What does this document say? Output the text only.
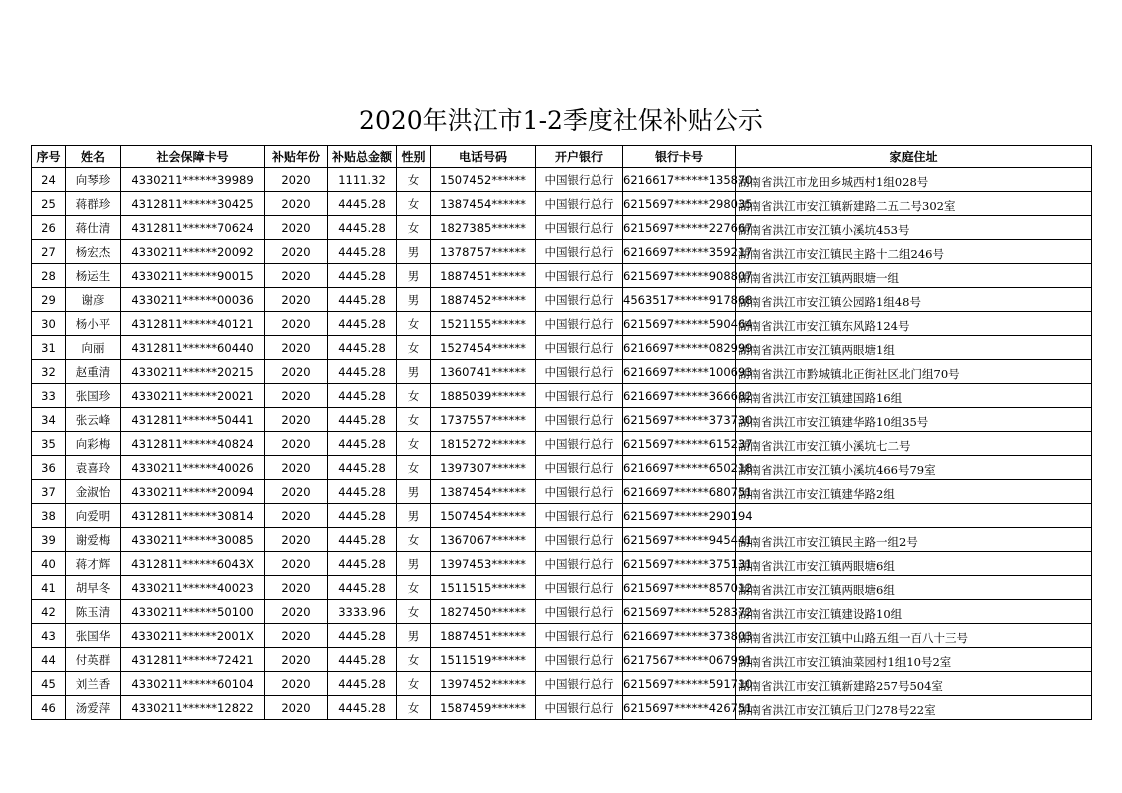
2020年洪江市1-2季度社保补贴公示
序号	姓名	社会保障卡号	补贴年份	补贴总金额	性别	电话号码	开户银行	银行卡号	家庭住址
24	向琴珍	4330211******39989	2020	1111.32	女	1507452******	中国银行总行	6216617******135870	湖南省洪江市龙田乡城西村1组028号
25	蒋群珍	4312811******30425	2020	4445.28	女	1387454******	中国银行总行	6215697******298035	湖南省洪江市安江镇新建路二五二号302室
26	蒋仕清	4312811******70624	2020	4445.28	女	1827385******	中国银行总行	6215697******227667	湖南省洪江市安江镇小溪坑453号
27	杨宏杰	4330211******20092	2020	4445.28	男	1378757******	中国银行总行	6216697******359217	湖南省洪江市安江镇民主路十二组246号
28	杨运生	4330211******90015	2020	4445.28	男	1887451******	中国银行总行	6215697******908807	湖南省洪江市安江镇两眼塘一组
29	谢彦	4330211******00036	2020	4445.28	男	1887452******	中国银行总行	4563517******917868	湖南省洪江市安江镇公园路1组48号
30	杨小平	4312811******40121	2020	4445.28	女	1521155******	中国银行总行	6215697******590464	湖南省洪江市安江镇东风路124号
31	向丽	4312811******60440	2020	4445.28	女	1527454******	中国银行总行	6216697******082999	湖南省洪江市安江镇两眼塘1组
32	赵重清	4330211******20215	2020	4445.28	男	1360741******	中国银行总行	6216697******100693	湖南省洪江市黔城镇北正街社区北门组70号
33	张国珍	4330211******20021	2020	4445.28	女	1885039******	中国银行总行	6216697******366682	湖南省洪江市安江镇建国路16组
34	张云峰	4312811******50441	2020	4445.28	女	1737557******	中国银行总行	6215697******373730	湖南省洪江市安江镇建华路10组35号
35	向彩梅	4312811******40824	2020	4445.28	女	1815272******	中国银行总行	6215697******615237	湖南省洪江市安江镇小溪坑七二号
36	袁喜玲	4330211******40026	2020	4445.28	女	1397307******	中国银行总行	6216697******650218	湖南省洪江市安江镇小溪坑466号79室
37	金淑怡	4330211******20094	2020	4445.28	男	1387454******	中国银行总行	6216697******680751	湖南省洪江市安江镇建华路2组
38	向爱明	4312811******30814	2020	4445.28	男	1507454******	中国银行总行	6215697******290194	
39	谢爱梅	4330211******30085	2020	4445.28	女	1367067******	中国银行总行	6215697******945441	湖南省洪江市安江镇民主路一组2号
40	蒋才辉	4312811******6043X	2020	4445.28	男	1397453******	中国银行总行	6215697******375131	湖南省洪江市安江镇两眼塘6组
41	胡早冬	4330211******40023	2020	4445.28	女	1511515******	中国银行总行	6215697******857012	湖南省洪江市安江镇两眼塘6组
42	陈玉清	4330211******50100	2020	3333.96	女	1827450******	中国银行总行	6215697******528372	湖南省洪江市安江镇建设路10组
43	张国华	4330211******2001X	2020	4445.28	男	1887451******	中国银行总行	6216697******373803	湖南省洪江市安江镇中山路五组一百八十三号
44	付英群	4312811******72421	2020	4445.28	女	1511519******	中国银行总行	6217567******067991	湖南省洪江市安江镇油菜园村1组10号2室
45	刘兰香	4330211******60104	2020	4445.28	女	1397452******	中国银行总行	6215697******591710	湖南省洪江市安江镇新建路257号504室
46	汤爱萍	4330211******12822	2020	4445.28	女	1587459******	中国银行总行	6215697******426751	湖南省洪江市安江镇后卫门278号22室
